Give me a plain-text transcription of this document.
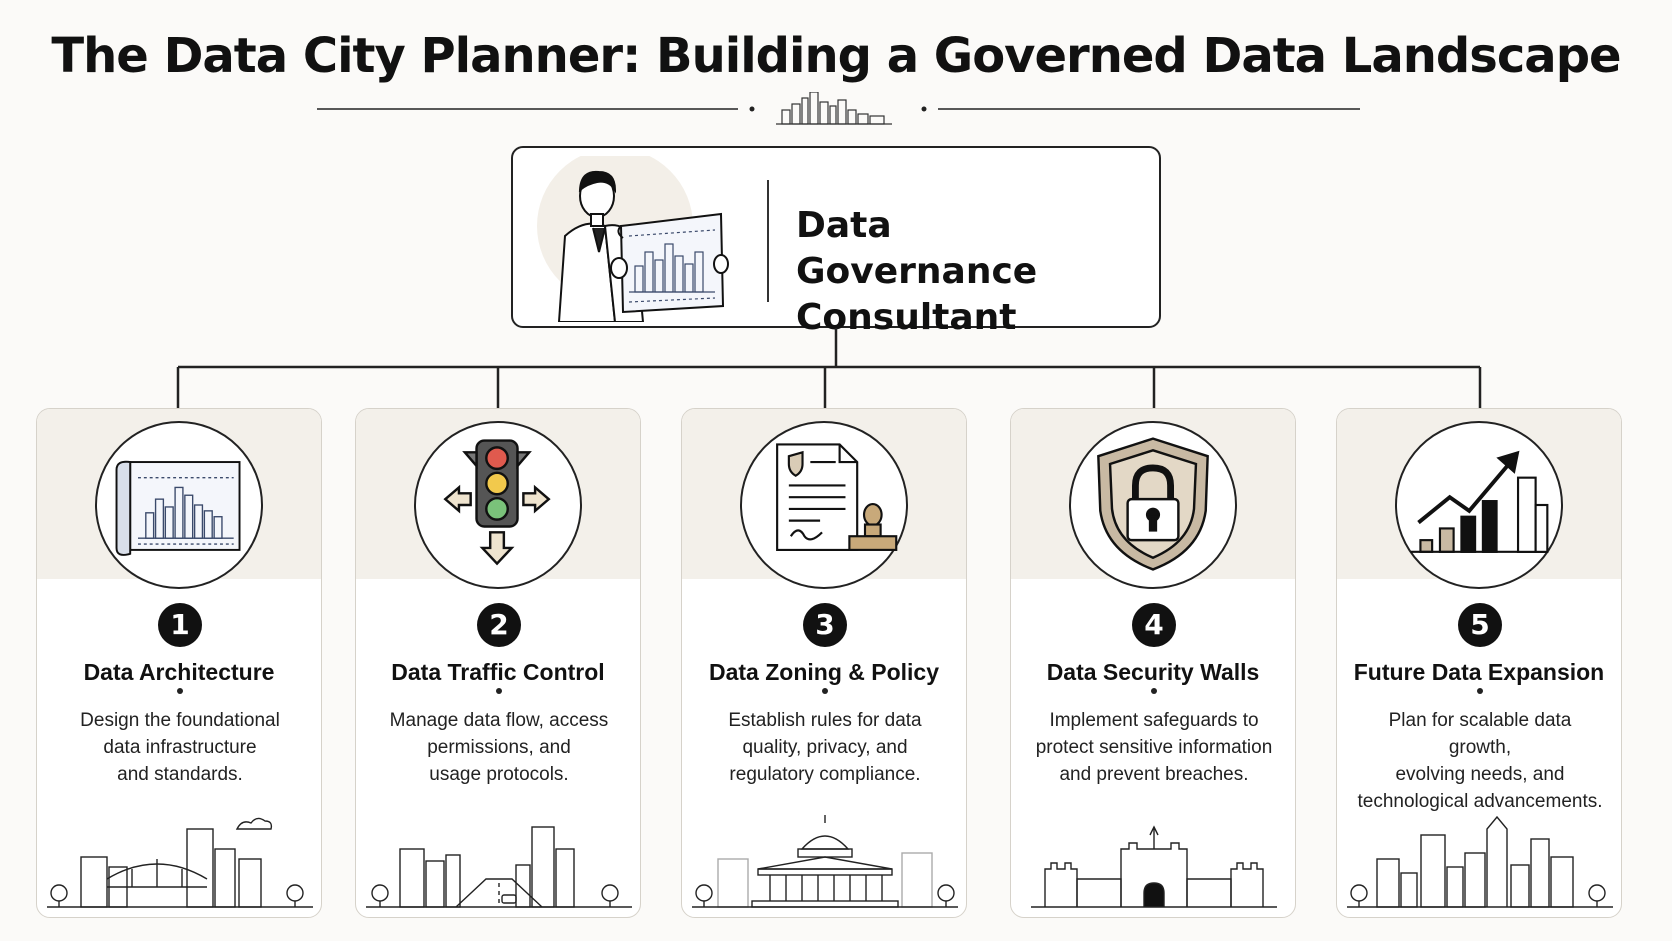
The Data City Planner: Building a Governed Data Landscape
Data Governance
Consultant
1
Data Architecture
Design the foundational
data infrastructure
and standards.
2
Data Traffic Control
Manage data flow, access
permissions, and
usage protocols.
3
Data Zoning & Policy
Establish rules for data
quality, privacy, and
regulatory compliance.
4
Data Security Walls
Implement safeguards to
protect sensitive information
and prevent breaches.
5
Future Data Expansion
Plan for scalable data growth,
evolving needs, and
technological advancements.
